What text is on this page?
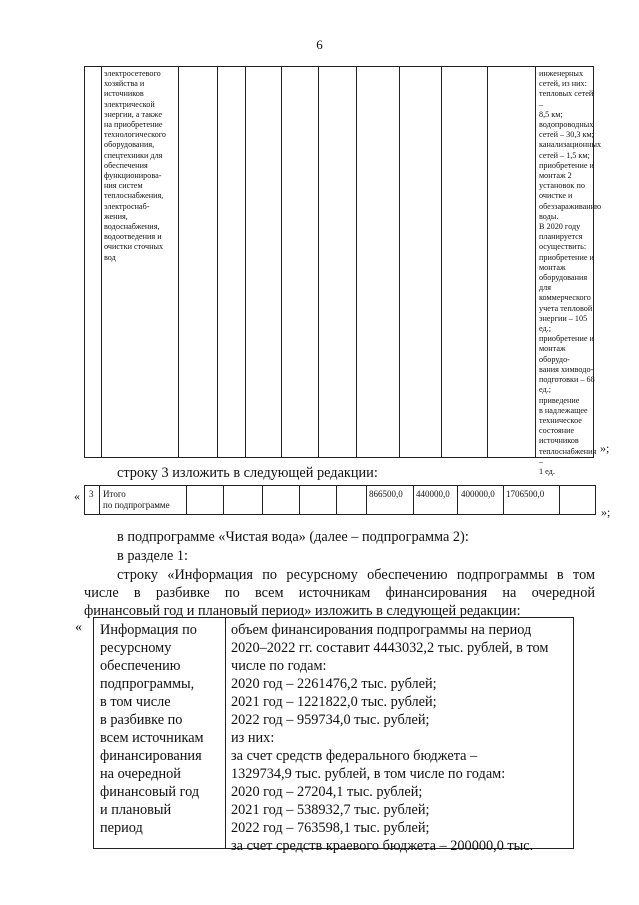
6
электросетевого
хозяйства и
источников
электрической
энергии, а также
на приобретение
технологического
оборудования,
спецтехники для
обеспечения
функционирова-
ния систем
теплоснабжения,
электроснаб-
жения,
водоснабжения,
водоотведения и
очистки сточных
вод
инженерных
сетей, из них:
тепловых сетей –
8,5 км;
водопроводных
сетей – 30,3 км;
канализационных
сетей – 1,5 км;
приобретение и
монтаж 2
установок по
очистке и
обеззараживанию
воды.
В 2020 году
планируется
осуществить:
приобретение и
монтаж
оборудования для
коммерческого
учета тепловой
энергии – 105 ед.;
приобретение и
монтаж оборудо-
вания химводо-
подготовки – 68
ед.;
приведение
в надлежащее
техническое
состояние
источников
теплоснабжения –
1 ед.
»;
строку 3 изложить в следующей редакции:
« 3 Итого
по подпрограмме
866500,0 440000,0 400000,0 1706500,0
»;
в подпрограмме «Чистая вода» (далее – подпрограмма 2):
в разделе 1:
строку «Информация по ресурсному обеспечению подпрограммы в том
числе в разбивке по всем источникам финансирования на очередной
финансовый год и плановый период» изложить в следующей редакции:
« Информация по
ресурсному
обеспечению
подпрограммы,
в том числе
в разбивке по
всем источникам
финансирования
на очередной
финансовый год
и плановый
период
объем финансирования подпрограммы на период
2020–2022 гг. составит 4443032,2 тыс. рублей, в том
числе по годам:
2020 год – 2261476,2 тыс. рублей;
2021 год – 1221822,0 тыс. рублей;
2022 год – 959734,0 тыс. рублей;
из них:
за счет средств федерального бюджета –
1329734,9 тыс. рублей, в том числе по годам:
2020 год – 27204,1 тыс. рублей;
2021 год – 538932,7 тыс. рублей;
2022 год – 763598,1 тыс. рублей;
за счет средств краевого бюджета – 200000,0 тыс.
